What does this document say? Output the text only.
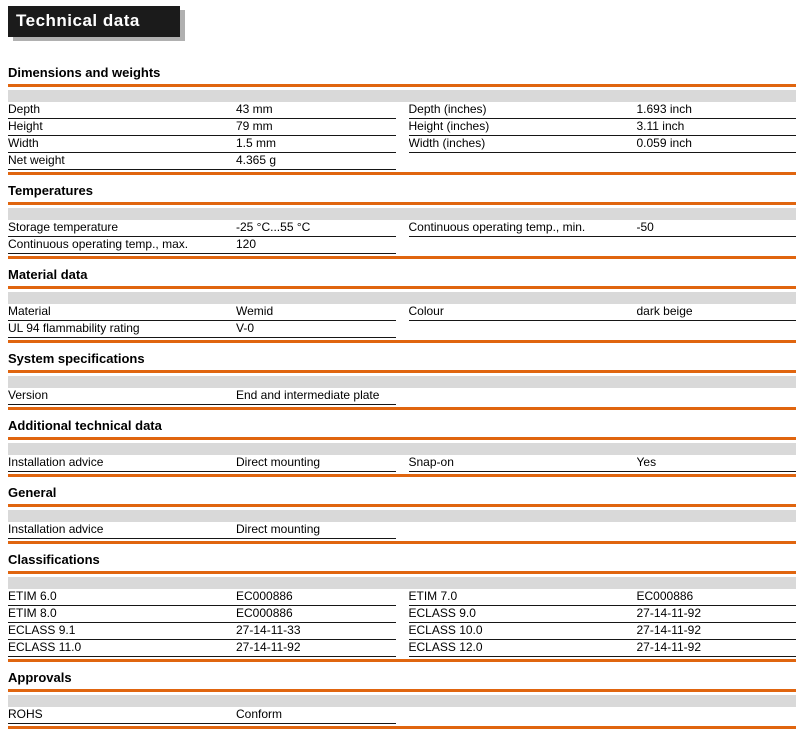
Technical data
Dimensions and weights
Depth	43 mm	Depth (inches)	1.693 inch
Height	79 mm	Height (inches)	3.11 inch
Width	1.5 mm	Width (inches)	0.059 inch
Net weight	4.365 g
Temperatures
Storage temperature	-25 °C...55 °C	Continuous operating temp., min.	-50
Continuous operating temp., max.	120
Material data
Material	Wemid	Colour	dark beige
UL 94 flammability rating	V-0
System specifications
Version	End and intermediate plate
Additional technical data
Installation advice	Direct mounting	Snap-on	Yes
General
Installation advice	Direct mounting
Classifications
ETIM 6.0	EC000886	ETIM 7.0	EC000886
ETIM 8.0	EC000886	ECLASS 9.0	27-14-11-92
ECLASS 9.1	27-14-11-33	ECLASS 10.0	27-14-11-92
ECLASS 11.0	27-14-11-92	ECLASS 12.0	27-14-11-92
Approvals
ROHS	Conform
